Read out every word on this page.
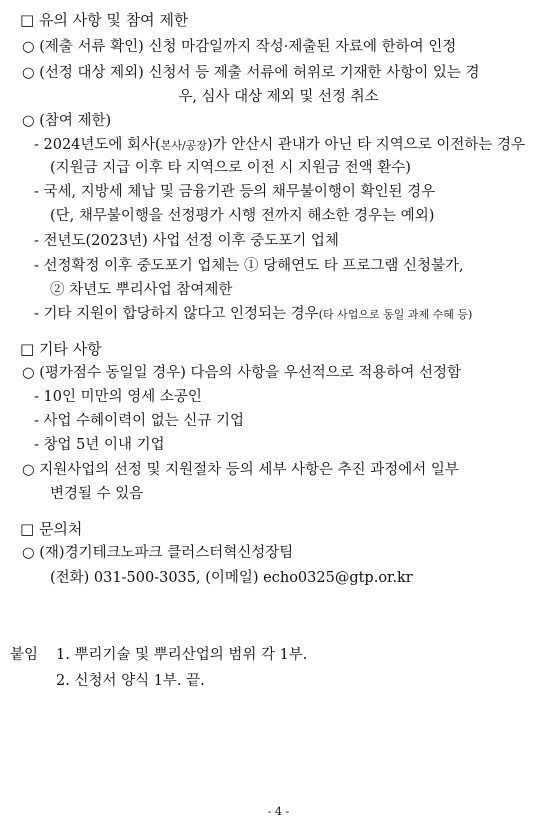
□ 유의 사항 및 참여 제한
○ (제출 서류 확인) 신청 마감일까지 작성·제출된 자료에 한하여 인정
○ (선정 대상 제외) 신청서 등 제출 서류에 허위로 기재한 사항이 있는 경
우, 심사 대상 제외 및 선정 취소
○ (참여 제한)
- 2024년도에 회사(본사/공장)가 안산시 관내가 아닌 타 지역으로 이전하는 경우
(지원금 지급 이후 타 지역으로 이전 시 지원금 전액 환수)
- 국세, 지방세 체납 및 금융기관 등의 채무불이행이 확인된 경우
(단, 채무불이행을 선정평가 시행 전까지 해소한 경우는 예외)
- 전년도(2023년) 사업 선정 이후 중도포기 업체
- 선정확정 이후 중도포기 업체는 ① 당해연도 타 프로그램 신청불가,
② 차년도 뿌리사업 참여제한
- 기타 지원이 합당하지 않다고 인정되는 경우(타 사업으로 동일 과제 수혜 등)
□ 기타 사항
○ (평가점수 동일일 경우) 다음의 사항을 우선적으로 적용하여 선정함
- 10인 미만의 영세 소공인
- 사업 수혜이력이 없는 신규 기업
- 창업 5년 이내 기업
○ 지원사업의 선정 및 지원절차 등의 세부 사항은 추진 과정에서 일부
변경될 수 있음
□ 문의처
○ (재)경기테크노파크 클러스터혁신성장팀
(전화) 031-500-3035, (이메일) echo0325@gtp.or.kr
붙임 1. 뿌리기술 및 뿌리산업의 범위 각 1부.
2. 신청서 양식 1부. 끝.
- 4 -
